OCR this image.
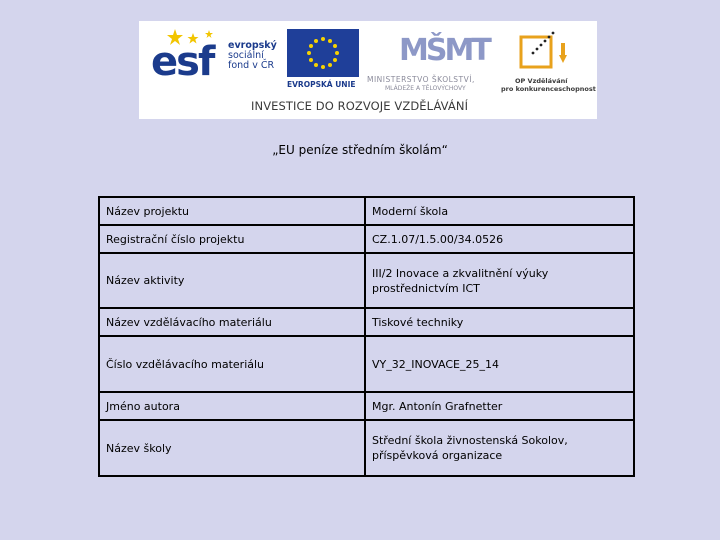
esf evropský
sociální
fond v ČR
EVROPSKÁ UNIE
MŠMT
MINISTERSTVO ŠKOLSTVÍ,
MLÁDEŽE A TĚLOVÝCHOVY
OP Vzdělávání
pro konkurenceschopnost
INVESTICE DO ROZVOJE VZDĚLÁVÁNÍ
„EU peníze středním školám“
Název projektu	Moderní škola
Registrační číslo projektu	CZ.1.07/1.5.00/34.0526
Název aktivity	III/2 Inovace a zkvalitnění výuky prostřednictvím ICT
Název vzdělávacího materiálu	Tiskové techniky
Číslo vzdělávacího materiálu	VY_32_INOVACE_25_14
Jméno autora	Mgr. Antonín Grafnetter
Název školy	Střední škola živnostenská Sokolov, příspěvková organizace
